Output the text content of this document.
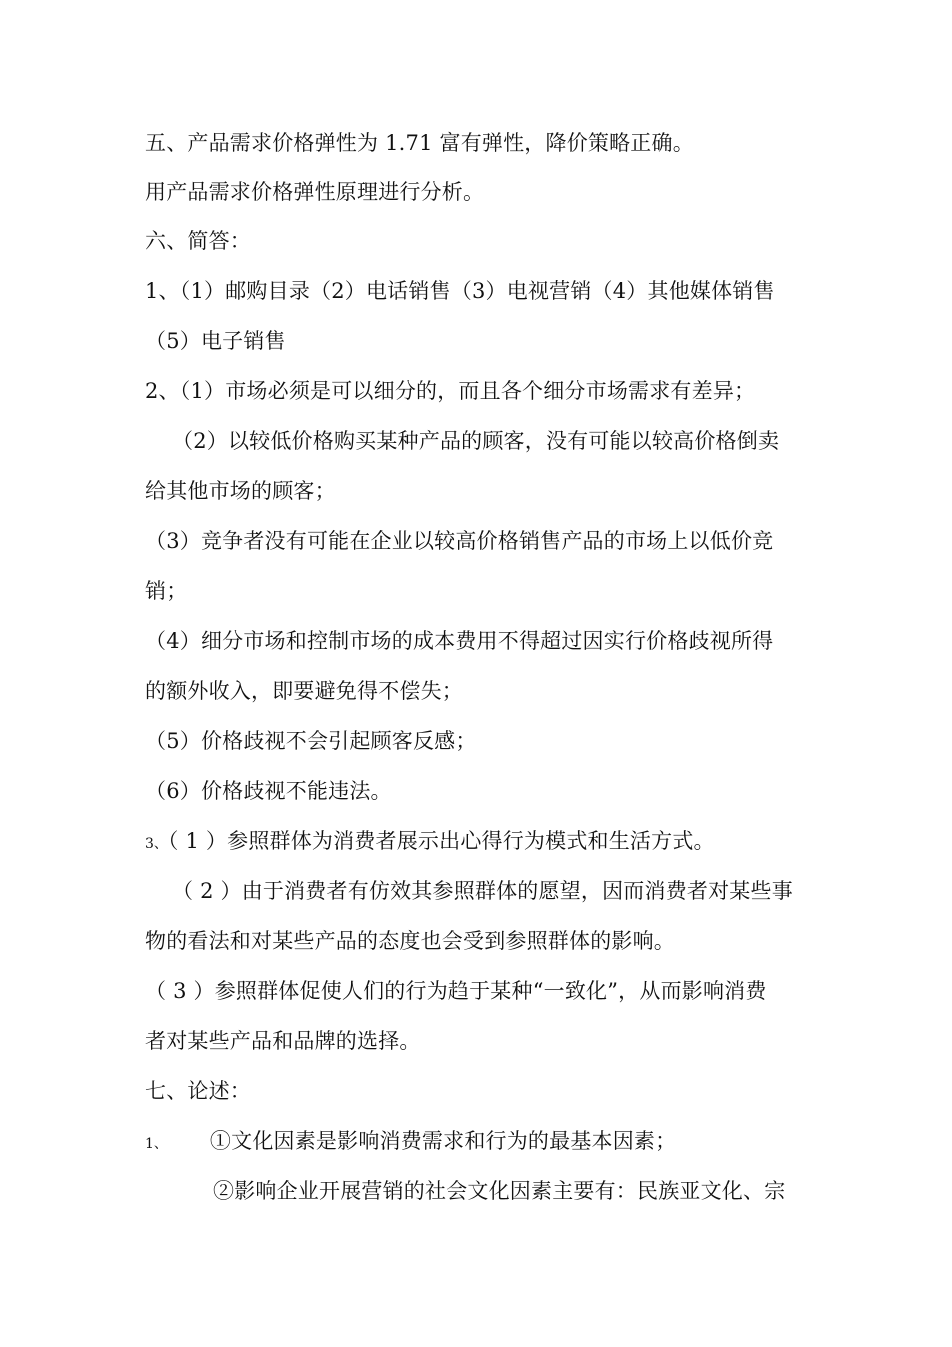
五、产品需求价格弹性为 1.71 富有弹性，降价策略正确。
用产品需求价格弹性原理进行分析。
六、简答：
1、（1）邮购目录（2）电话销售（3）电视营销（4）其他媒体销售
（5）电子销售
2、（1）市场必须是可以细分的，而且各个细分市场需求有差异；
（2）以较低价格购买某种产品的顾客，没有可能以较高价格倒卖
给其他市场的顾客；
（3）竞争者没有可能在企业以较高价格销售产品的市场上以低价竞
销；
（4）细分市场和控制市场的成本费用不得超过因实行价格歧视所得
的额外收入，即要避免得不偿失；
（5）价格歧视不会引起顾客反感；
（6）价格歧视不能违法。
3、（ 1 ）参照群体为消费者展示出心得行为模式和生活方式。
（ 2 ）由于消费者有仿效其参照群体的愿望，因而消费者对某些事
物的看法和对某些产品的态度也会受到参照群体的影响。
（ 3 ）参照群体促使人们的行为趋于某种“一致化”，从而影响消费
者对某些产品和品牌的选择。
七、论述：
1、 ①文化因素是影响消费需求和行为的最基本因素；
②影响企业开展营销的社会文化因素主要有：民族亚文化、宗
